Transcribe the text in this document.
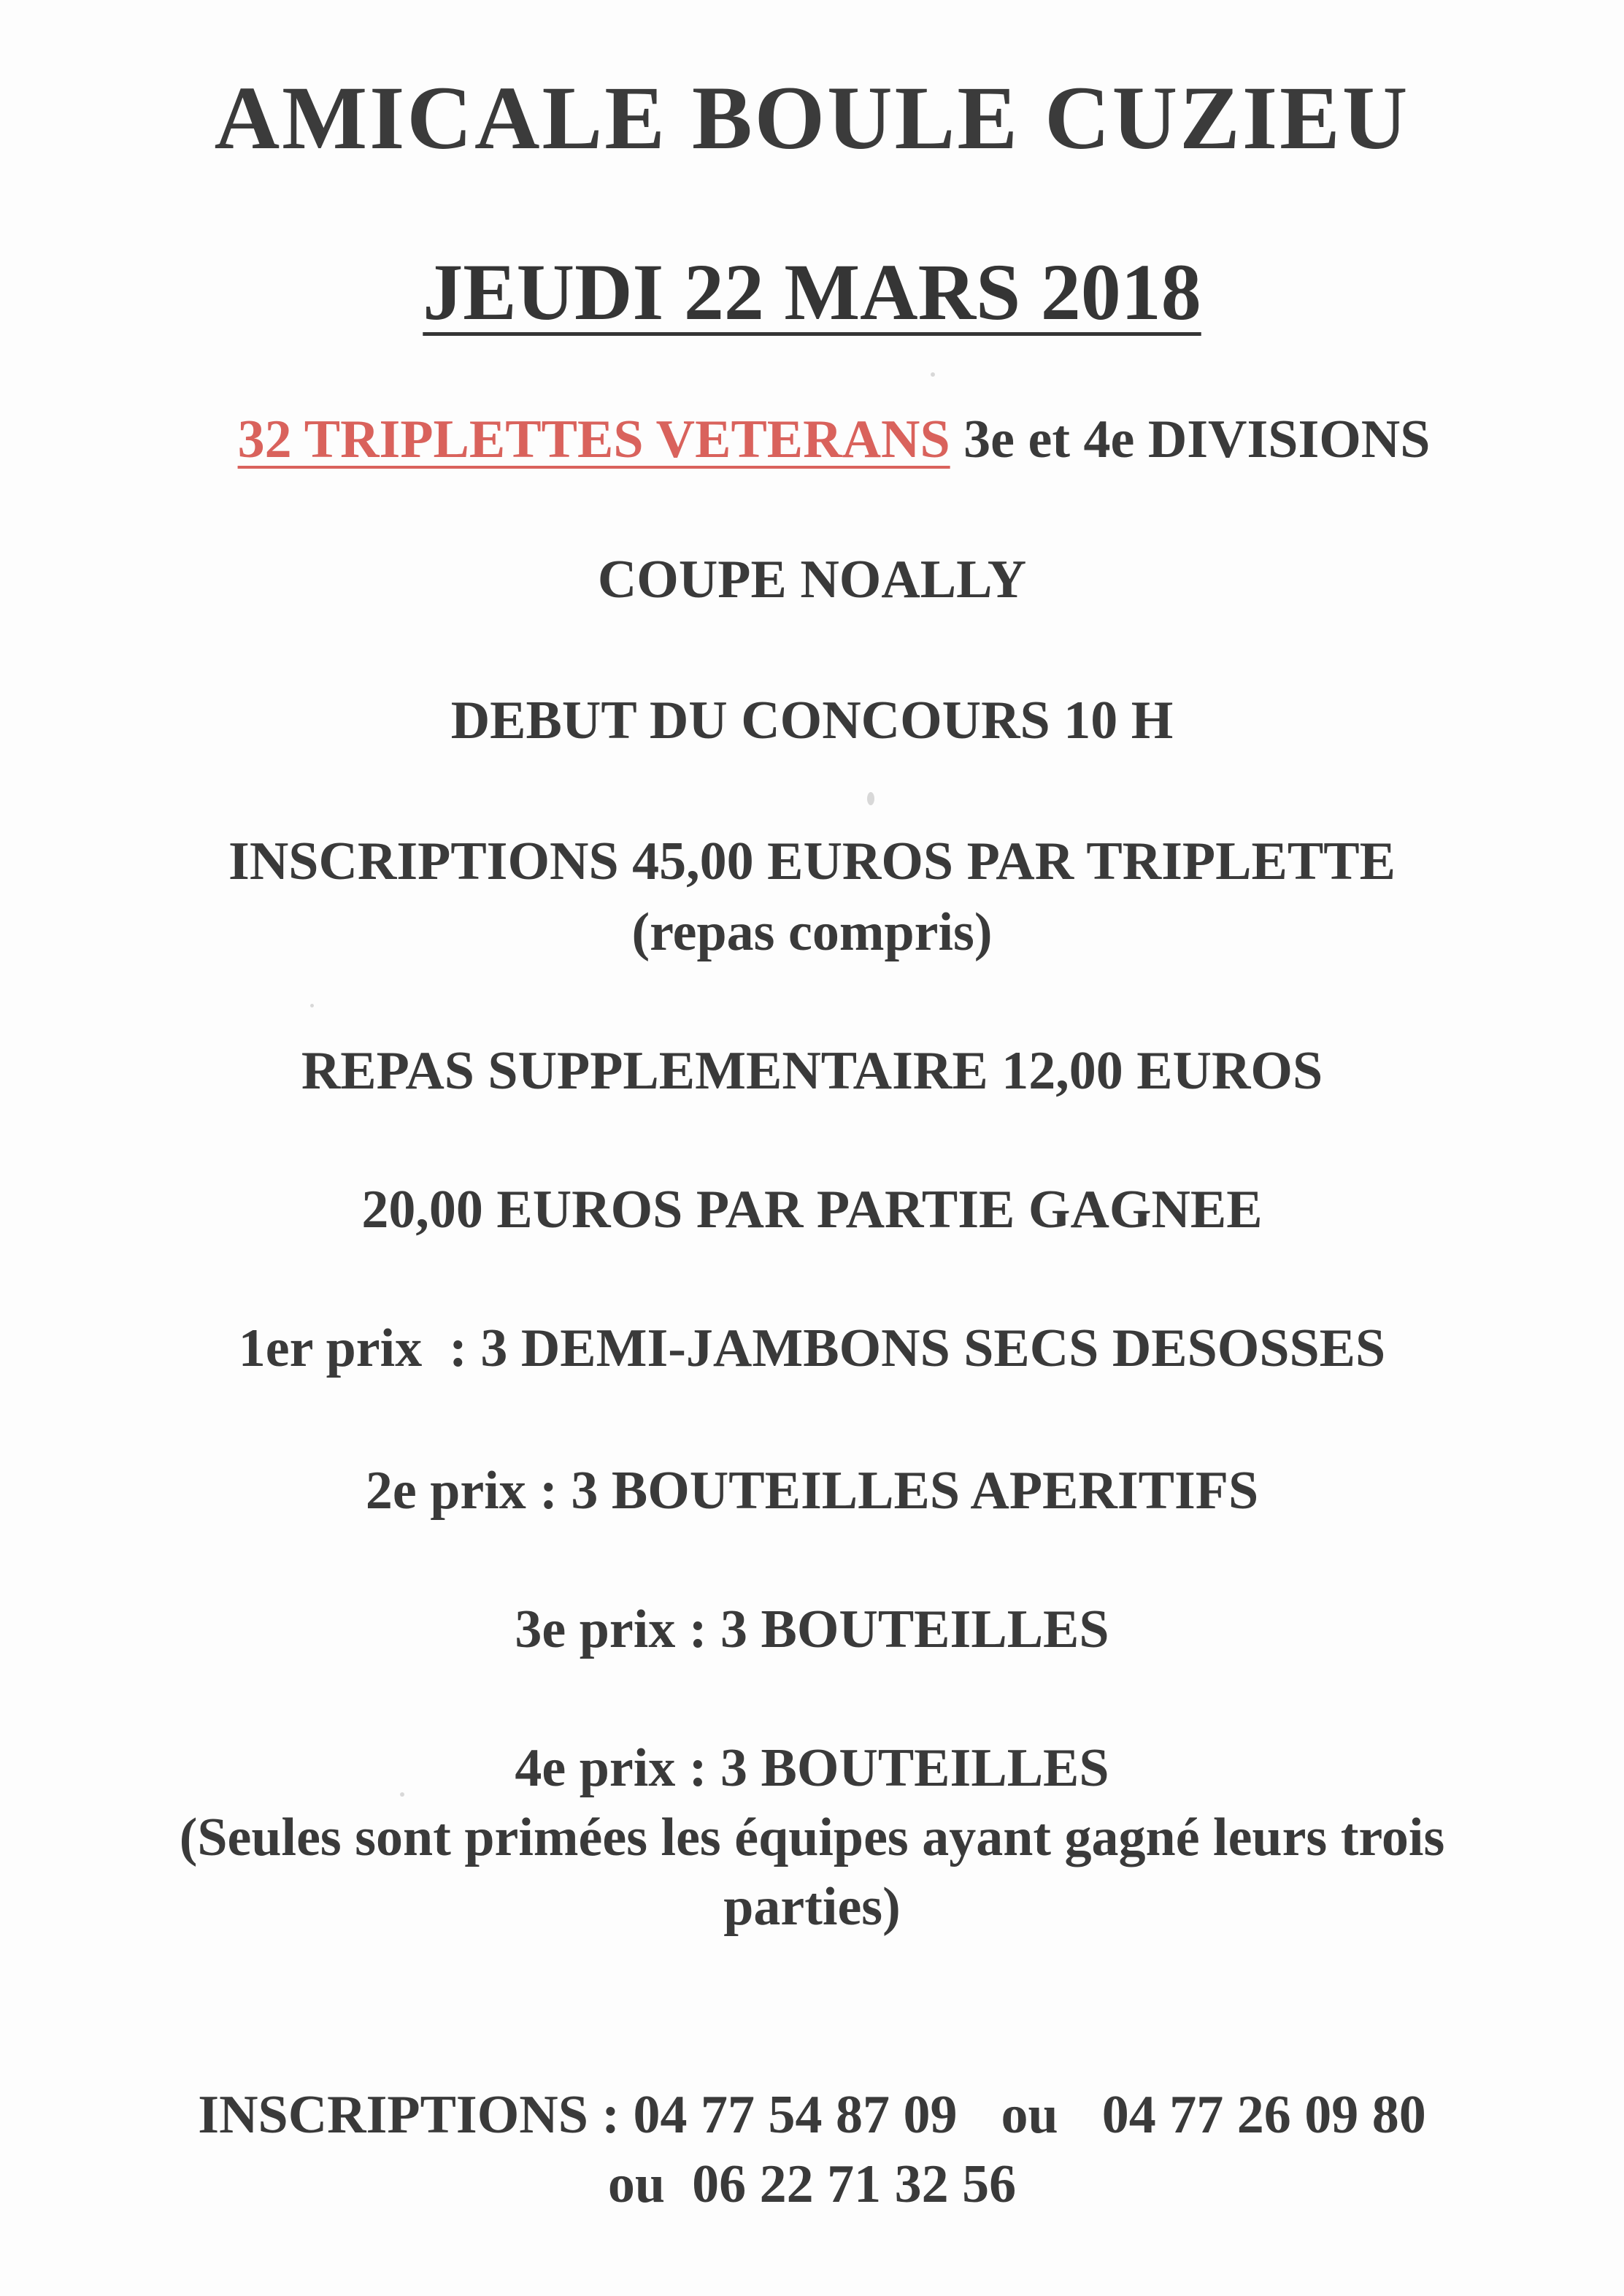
AMICALE BOULE CUZIEU
JEUDI 22 MARS 2018
32 TRIPLETTES VETERANS 3e et 4e DIVISIONS
COUPE NOALLY
DEBUT DU CONCOURS 10 H
INSCRIPTIONS 45,00 EUROS PAR TRIPLETTE
(repas compris)
REPAS SUPPLEMENTAIRE 12,00 EUROS
20,00 EUROS PAR PARTIE GAGNEE
1er prix  : 3 DEMI-JAMBONS SECS DESOSSES
2e prix : 3 BOUTEILLES APERITIFS
3e prix : 3 BOUTEILLES
4e prix : 3 BOUTEILLES
(Seules sont primées les équipes ayant gagné leurs trois
parties)
INSCRIPTIONS : 04 77 54 87 09 ou 04 77 26 09 80
ou 06 22 71 32 56
